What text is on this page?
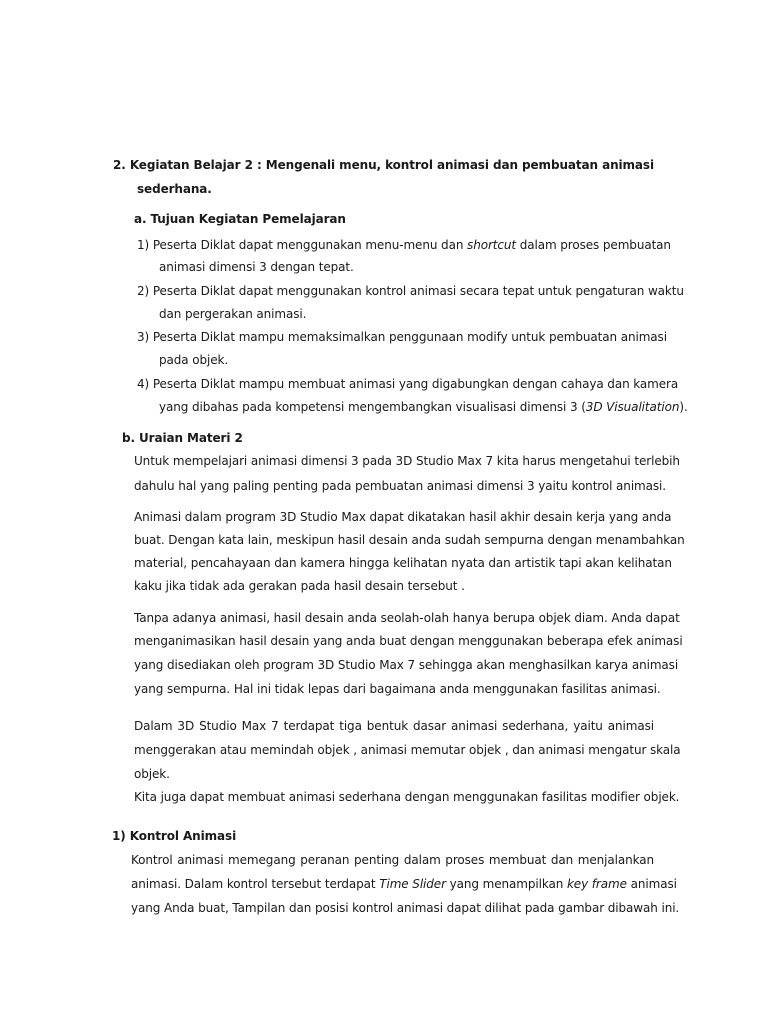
2. Kegiatan Belajar 2 : Mengenali menu, kontrol animasi dan pembuatan animasi
sederhana.
a. Tujuan Kegiatan Pemelajaran
1) Peserta Diklat dapat menggunakan menu-menu dan shortcut dalam proses pembuatan
animasi dimensi 3 dengan tepat.
2) Peserta Diklat dapat menggunakan kontrol animasi secara tepat untuk pengaturan waktu
dan pergerakan animasi.
3) Peserta Diklat mampu memaksimalkan penggunaan modify untuk pembuatan animasi
pada objek.
4) Peserta Diklat mampu membuat animasi yang digabungkan dengan cahaya dan kamera
yang dibahas pada kompetensi mengembangkan visualisasi dimensi 3 (3D Visualitation).
b. Uraian Materi 2
Untuk mempelajari animasi dimensi 3 pada 3D Studio Max 7 kita harus mengetahui terlebih
dahulu hal yang paling penting pada pembuatan animasi dimensi 3 yaitu kontrol animasi.
Animasi dalam program 3D Studio Max dapat dikatakan hasil akhir desain kerja yang anda
buat. Dengan kata lain, meskipun hasil desain anda sudah sempurna dengan menambahkan
material, pencahayaan dan kamera hingga kelihatan nyata dan artistik tapi akan kelihatan
kaku jika tidak ada gerakan pada hasil desain tersebut .
Tanpa adanya animasi, hasil desain anda seolah-olah hanya berupa objek diam. Anda dapat
menganimasikan hasil desain yang anda buat dengan menggunakan beberapa efek animasi
yang disediakan oleh program 3D Studio Max 7 sehingga akan menghasilkan karya animasi
yang sempurna. Hal ini tidak lepas dari bagaimana anda menggunakan fasilitas animasi.
Dalam 3D Studio Max 7 terdapat tiga bentuk dasar animasi sederhana, yaitu animasi
menggerakan atau memindah objek , animasi memutar objek , dan animasi mengatur skala
objek.
Kita juga dapat membuat animasi sederhana dengan menggunakan fasilitas modifier objek.
1) Kontrol Animasi
Kontrol animasi memegang peranan penting dalam proses membuat dan menjalankan
animasi. Dalam kontrol tersebut terdapat Time Slider yang menampilkan key frame animasi
yang Anda buat, Tampilan dan posisi kontrol animasi dapat dilihat pada gambar dibawah ini.
